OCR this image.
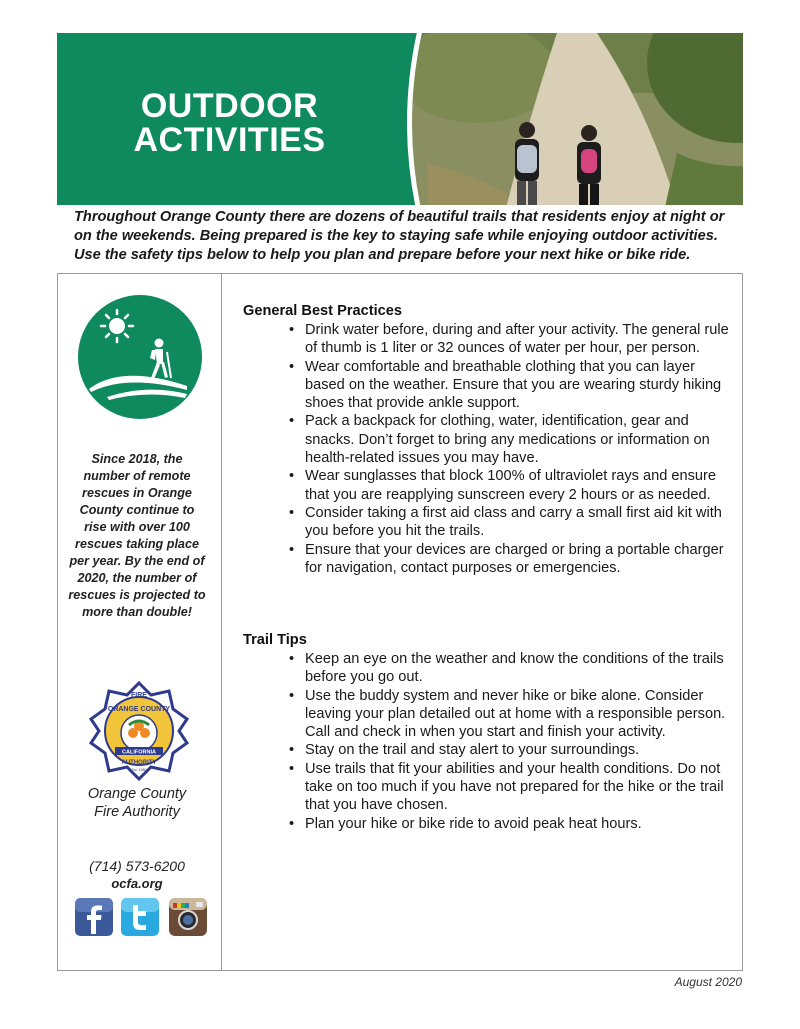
OUTDOOR
ACTIVITIES
Throughout Orange County there are dozens of beautiful trails that residents enjoy at night or on the weekends. Being prepared is the key to staying safe while enjoying outdoor activities. Use the safety tips below to help you plan and prepare before your next hike or bike ride.
Since 2018, the number of remote rescues in Orange County continue to rise with over 100 rescues taking place per year. By the end of 2020, the number of rescues is projected to more than double!
FIRE
ORANGE COUNTY
CALIFORNIA
AUTHORITY
Est. 1980
Orange County
Fire Authority
(714) 573-6200
ocfa.org
General Best Practices
• Drink water before, during and after your activity. The general rule of thumb is 1 liter or 32 ounces of water per hour, per person.
• Wear comfortable and breathable clothing that you can layer based on the weather. Ensure that you are wearing sturdy hiking shoes that provide ankle support.
• Pack a backpack for clothing, water, identification, gear and snacks. Don’t forget to bring any medications or information on health-related issues you may have.
• Wear sunglasses that block 100% of ultraviolet rays and ensure that you are reapplying sunscreen every 2 hours or as needed.
• Consider taking a first aid class and carry a small first aid kit with you before you hit the trails.
• Ensure that your devices are charged or bring a portable charger for navigation, contact purposes or emergencies.
Trail Tips
• Keep an eye on the weather and know the conditions of the trails before you go out.
• Use the buddy system and never hike or bike alone. Consider leaving your plan detailed out at home with a responsible person. Call and check in when you start and finish your activity.
• Stay on the trail and stay alert to your surroundings.
• Use trails that fit your abilities and your health conditions. Do not take on too much if you have not prepared for the hike or the trail that you have chosen.
• Plan your hike or bike ride to avoid peak heat hours.
August 2020
